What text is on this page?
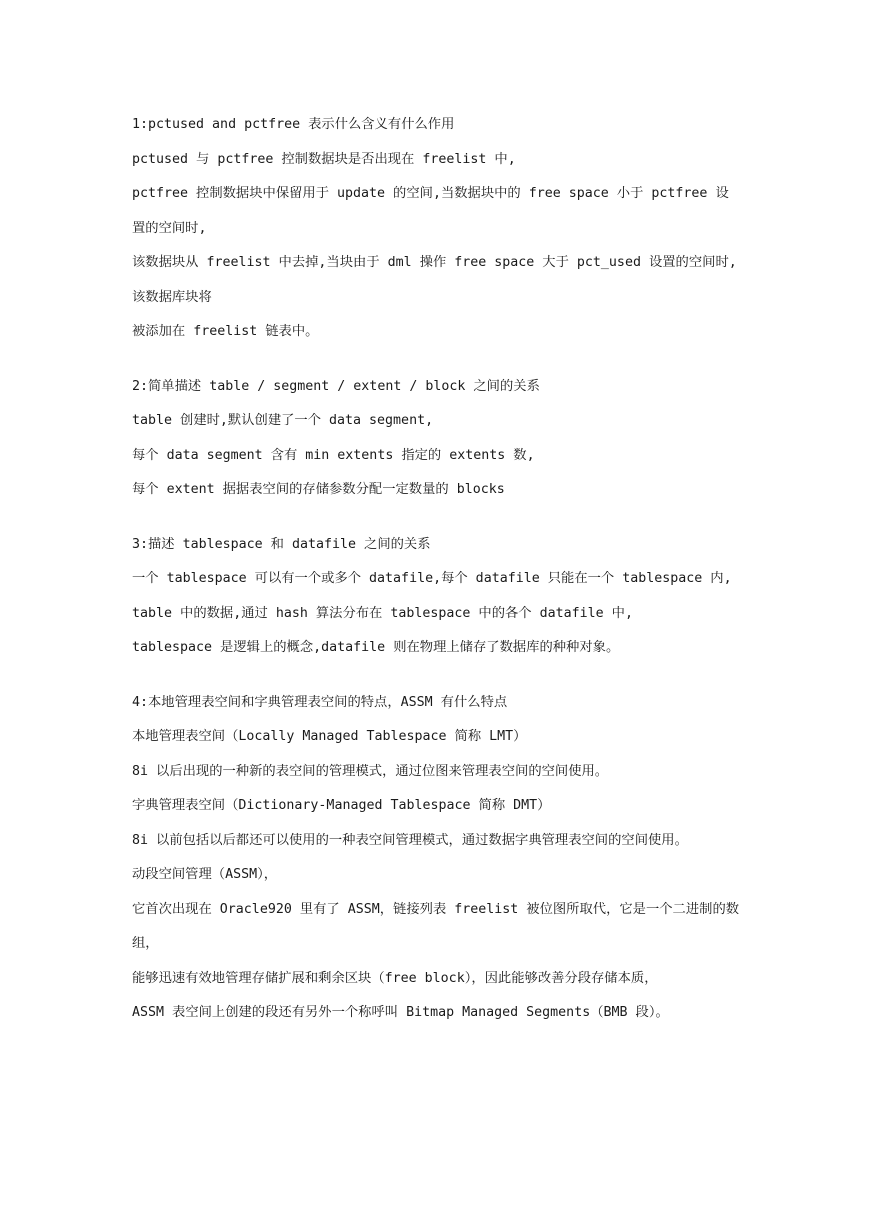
1:pctused and pctfree 表示什么含义有什么作用
pctused 与 pctfree 控制数据块是否出现在 freelist 中,
pctfree 控制数据块中保留用于 update 的空间,当数据块中的 free space 小于 pctfree 设置的空间时,
该数据块从 freelist 中去掉,当块由于 dml 操作 free space 大于 pct_used 设置的空间时,该数据库块将
被添加在 freelist 链表中。
2:简单描述 table / segment / extent / block 之间的关系
table 创建时,默认创建了一个 data segment,
每个 data segment 含有 min extents 指定的 extents 数,
每个 extent 据据表空间的存储参数分配一定数量的 blocks
3:描述 tablespace 和 datafile 之间的关系
一个 tablespace 可以有一个或多个 datafile,每个 datafile 只能在一个 tablespace 内,
table 中的数据,通过 hash 算法分布在 tablespace 中的各个 datafile 中,
tablespace 是逻辑上的概念,datafile 则在物理上储存了数据库的种种对象。
4:本地管理表空间和字典管理表空间的特点，ASSM 有什么特点
本地管理表空间（Locally Managed Tablespace 简称 LMT）
8i 以后出现的一种新的表空间的管理模式，通过位图来管理表空间的空间使用。
字典管理表空间（Dictionary-Managed Tablespace 简称 DMT）
8i 以前包括以后都还可以使用的一种表空间管理模式，通过数据字典管理表空间的空间使用。
动段空间管理（ASSM），
它首次出现在 Oracle920 里有了 ASSM，链接列表 freelist 被位图所取代，它是一个二进制的数组，
能够迅速有效地管理存储扩展和剩余区块（free block），因此能够改善分段存储本质，
ASSM 表空间上创建的段还有另外一个称呼叫 Bitmap Managed Segments（BMB 段）。
